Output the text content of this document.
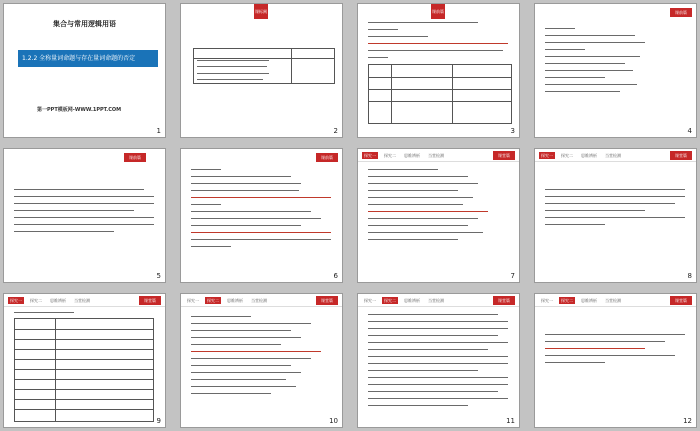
集合与常用逻辑用语
1.2.2 全称量词命题与存在量词命题的否定
第一PPT模板网-WWW.1PPT.COM
1
课标阐释
2
课前篇
3
课前篇
4
课前篇
5
课前篇
6
探究一	探究二	思维辨析	当堂检测	课堂篇
7
探究一	探究二	思维辨析	当堂检测	课堂篇
8
探究一	探究二	思维辨析	当堂检测	课堂篇
9
探究一	探究二	思维辨析	当堂检测	课堂篇
10
探究一	探究二	思维辨析	当堂检测	课堂篇
11
探究一	探究二	思维辨析	当堂检测	课堂篇
12
